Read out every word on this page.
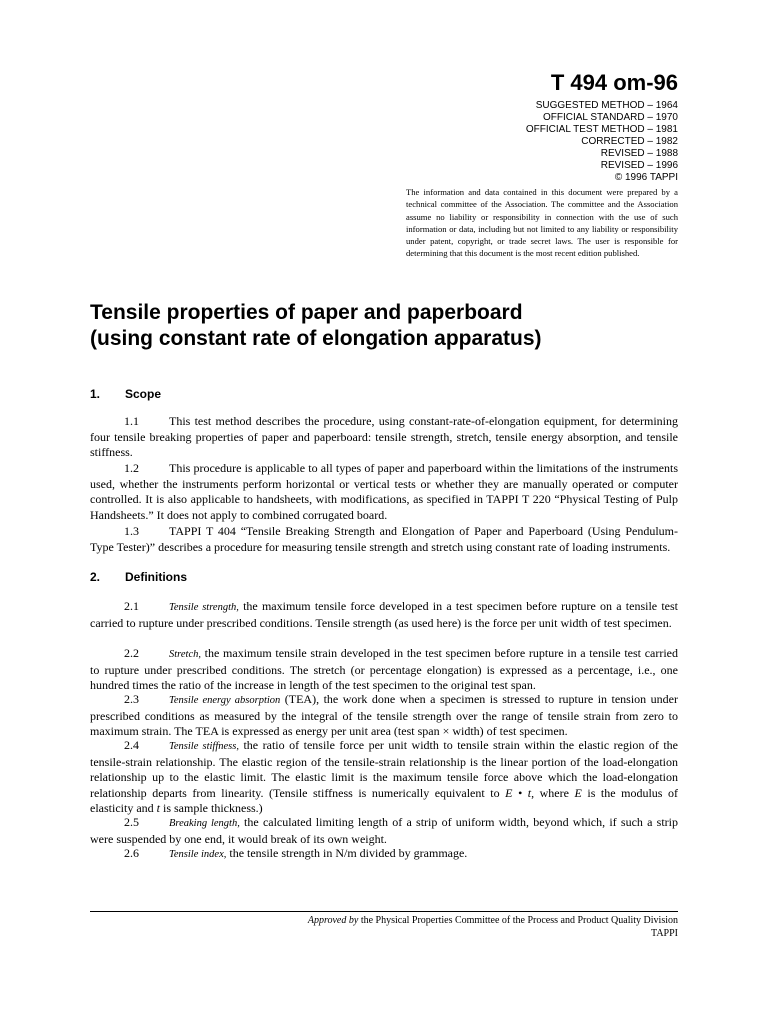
T 494 om-96

SUGGESTED METHOD – 1964

OFFICIAL STANDARD – 1970

OFFICIAL TEST METHOD – 1981

CORRECTED – 1982

REVISED – 1988

REVISED – 1996

© 1996 TAPPI

The information and data contained in this document were prepared by a technical committee of the Association. The committee and the Association assume no liability or responsibility in connection with the use of such information or data, including but not limited to any liability or responsibility under patent, copyright, or trade secret laws. The user is responsible for determining that this document is the most recent edition published.

Tensile properties of paper and paperboard
(using constant rate of elongation apparatus)
1. Scope

1.1	This test method describes the procedure, using constant-rate-of-elongation equipment, for determining four tensile breaking properties of paper and paperboard: tensile strength, stretch, tensile energy absorption, and tensile stiffness.

1.2	This procedure is applicable to all types of paper and paperboard within the limitations of the instruments used, whether the instruments perform horizontal or vertical tests or whether they are manually operated or computer controlled. It is also applicable to handsheets, with modifications, as specified in TAPPI T 220 “Physical Testing of Pulp Handsheets.” It does not apply to combined corrugated board.

1.3	TAPPI T 404 “Tensile Breaking Strength and Elongation of Paper and Paperboard (Using Pendulum-Type Tester)” describes a procedure for measuring tensile strength and stretch using constant rate of loading instruments.

2. Definitions

2.1	Tensile strength, the maximum tensile force developed in a test specimen before rupture on a tensile test carried to rupture under prescribed conditions. Tensile strength (as used here) is the force per unit width of test specimen.

2.2	Stretch, the maximum tensile strain developed in the test specimen before rupture in a tensile test carried to rupture under prescribed conditions. The stretch (or percentage elongation) is expressed as a percentage, i.e., one hundred times the ratio of the increase in length of the test specimen to the original test span.

2.3	Tensile energy absorption (TEA), the work done when a specimen is stressed to rupture in tension under prescribed conditions as measured by the integral of the tensile strength over the range of tensile strain from zero to maximum strain. The TEA is expressed as energy per unit area (test span × width) of test specimen.

2.4	Tensile stiffness, the ratio of tensile force per unit width to tensile strain within the elastic region of the tensile-strain relationship. The elastic region of the tensile-strain relationship is the linear portion of the load-elongation relationship up to the elastic limit. The elastic limit is the maximum tensile force above which the load-elongation relationship departs from linearity. (Tensile stiffness is numerically equivalent to E • t, where E is the modulus of elasticity and t is sample thickness.)

2.5	Breaking length, the calculated limiting length of a strip of uniform width, beyond which, if such a strip were suspended by one end, it would break of its own weight.

2.6	Tensile index, the tensile strength in N/m divided by grammage.

Approved by the Physical Properties Committee of the Process and Product Quality Division
TAPPI
